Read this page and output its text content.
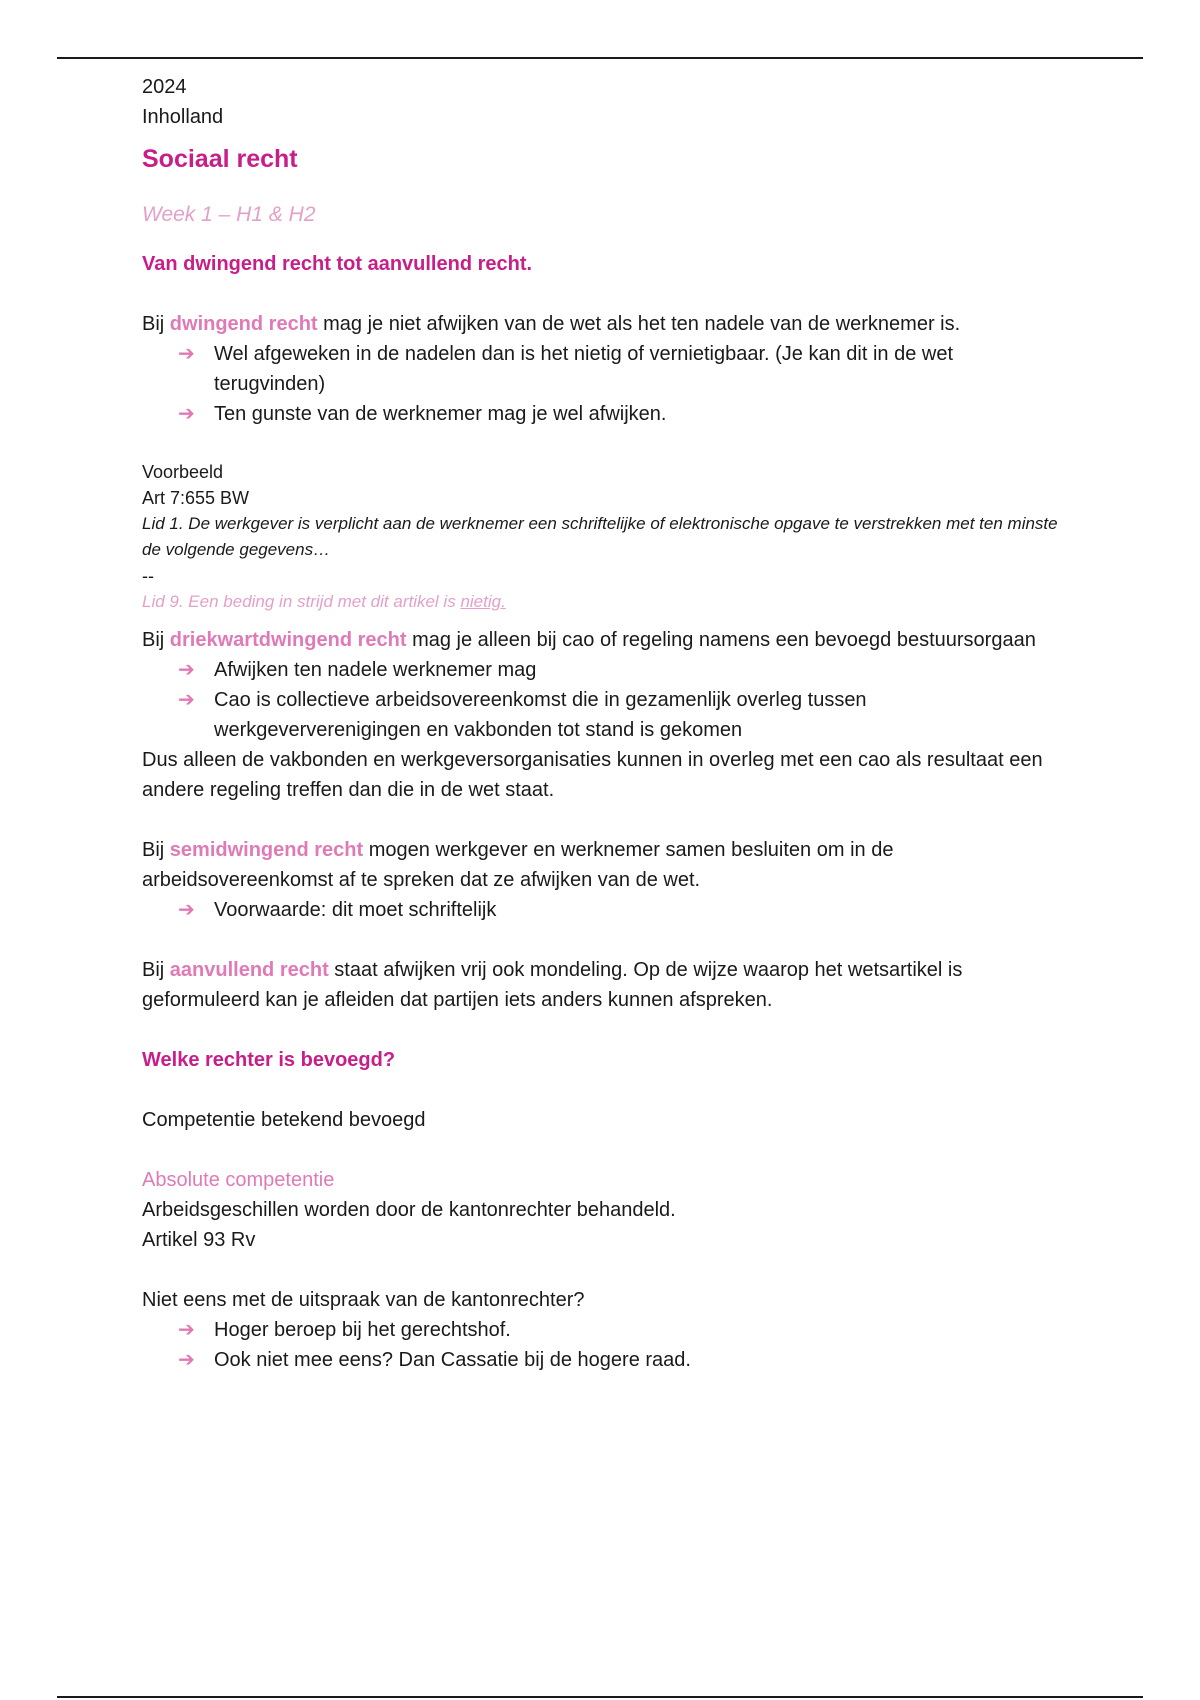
2024

Inholland

Sociaal recht

Week 1 – H1 & H2

Van dwingend recht tot aanvullend recht.

Bij dwingend recht mag je niet afwijken van de wet als het ten nadele van de werknemer is.

➔ Wel afgeweken in de nadelen dan is het nietig of vernietigbaar. (Je kan dit in de wet terugvinden)
➔ Ten gunste van de werknemer mag je wel afwijken.

Voorbeeld

Art 7:655 BW

Lid 1. De werkgever is verplicht aan de werknemer een schriftelijke of elektronische opgave te verstrekken met ten minste de volgende gegevens…

--

Lid 9. Een beding in strijd met dit artikel is nietig.

Bij driekwartdwingend recht mag je alleen bij cao of regeling namens een bevoegd bestuursorgaan

➔ Afwijken ten nadele werknemer mag
➔ Cao is collectieve arbeidsovereenkomst die in gezamenlijk overleg tussen werkgeververenigingen en vakbonden tot stand is gekomen

Dus alleen de vakbonden en werkgeversorganisaties kunnen in overleg met een cao als resultaat een andere regeling treffen dan die in de wet staat.

Bij semidwingend recht mogen werkgever en werknemer samen besluiten om in de arbeidsovereenkomst af te spreken dat ze afwijken van de wet.

➔ Voorwaarde: dit moet schriftelijk

Bij aanvullend recht staat afwijken vrij ook mondeling. Op de wijze waarop het wetsartikel is geformuleerd kan je afleiden dat partijen iets anders kunnen afspreken.

Welke rechter is bevoegd?

Competentie betekend bevoegd

Absolute competentie

Arbeidsgeschillen worden door de kantonrechter behandeld.

Artikel 93 Rv

Niet eens met de uitspraak van de kantonrechter?

➔ Hoger beroep bij het gerechtshof.
➔ Ook niet mee eens? Dan Cassatie bij de hogere raad.
